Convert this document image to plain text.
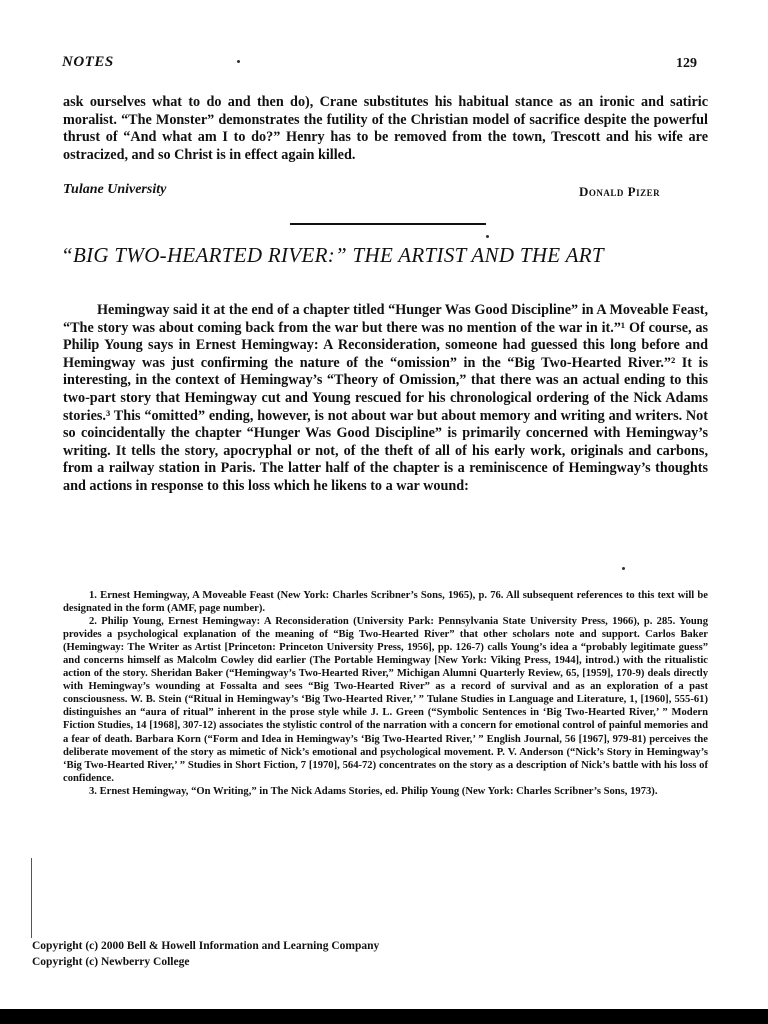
NOTES	129
ask ourselves what to do and then do), Crane substitutes his habitual stance as an ironic and satiric moralist. “The Monster” demonstrates the futility of the Christian model of sacrifice despite the powerful thrust of “And what am I to do?” Henry has to be removed from the town, Trescott and his wife are ostracized, and so Christ is in effect again killed.
Tulane University	Donald Pizer
“BIG TWO-HEARTED RIVER:” THE ARTIST AND THE ART

Hemingway said it at the end of a chapter titled “Hunger Was Good Discipline” in A Moveable Feast, “The story was about coming back from the war but there was no mention of the war in it.”¹ Of course, as Philip Young says in Ernest Hemingway: A Reconsideration, someone had guessed this long before and Hemingway was just confirming the nature of the “omission” in the “Big Two-Hearted River.”² It is interesting, in the context of Hemingway’s “Theory of Omission,” that there was an actual ending to this two-part story that Hemingway cut and Young rescued for his chronological ordering of the Nick Adams stories.³ This “omitted” ending, however, is not about war but about memory and writing and writers. Not so coincidentally the chapter “Hunger Was Good Discipline” is primarily concerned with Hemingway’s writing. It tells the story, apocryphal or not, of the theft of all of his early work, originals and carbons, from a railway station in Paris. The latter half of the chapter is a reminiscence of Hemingway’s thoughts and actions in response to this loss which he likens to a war wound:

1. Ernest Hemingway, A Moveable Feast (New York: Charles Scribner’s Sons, 1965), p. 76. All subsequent references to this text will be designated in the form (AMF, page number).

2. Philip Young, Ernest Hemingway: A Reconsideration (University Park: Pennsylvania State University Press, 1966), p. 285. Young provides a psychological explanation of the meaning of “Big Two-Hearted River” that other scholars note and support. Carlos Baker (Hemingway: The Writer as Artist [Princeton: Princeton University Press, 1956], pp. 126-7) calls Young’s idea a “probably legitimate guess” and concerns himself as Malcolm Cowley did earlier (The Portable Hemingway [New York: Viking Press, 1944], introd.) with the ritualistic action of the story. Sheridan Baker (“Hemingway’s Two-Hearted River,” Michigan Alumni Quarterly Review, 65, [1959], 170-9) deals directly with Hemingway’s wounding at Fossalta and sees “Big Two-Hearted River” as a record of survival and as an exploration of a past consciousness. W. B. Stein (“Ritual in Hemingway’s ‘Big Two-Hearted River,’ ” Tulane Studies in Language and Literature, 1, [1960], 555-61) distinguishes an “aura of ritual” inherent in the prose style while J. L. Green (“Symbolic Sentences in ‘Big Two-Hearted River,’ ” Modern Fiction Studies, 14 [1968], 307-12) associates the stylistic control of the narration with a concern for emotional control of painful memories and a fear of death. Barbara Korn (“Form and Idea in Hemingway’s ‘Big Two-Hearted River,’ ” English Journal, 56 [1967], 979-81) perceives the deliberate movement of the story as mimetic of Nick’s emotional and psychological movement. P. V. Anderson (“Nick’s Story in Hemingway’s ‘Big Two-Hearted River,’ ” Studies in Short Fiction, 7 [1970], 564-72) concentrates on the story as a description of Nick’s battle with his loss of confidence.

3. Ernest Hemingway, “On Writing,” in The Nick Adams Stories, ed. Philip Young (New York: Charles Scribner’s Sons, 1973).

Copyright (c) 2000 Bell & Howell Information and Learning Company
Copyright (c) Newberry College
